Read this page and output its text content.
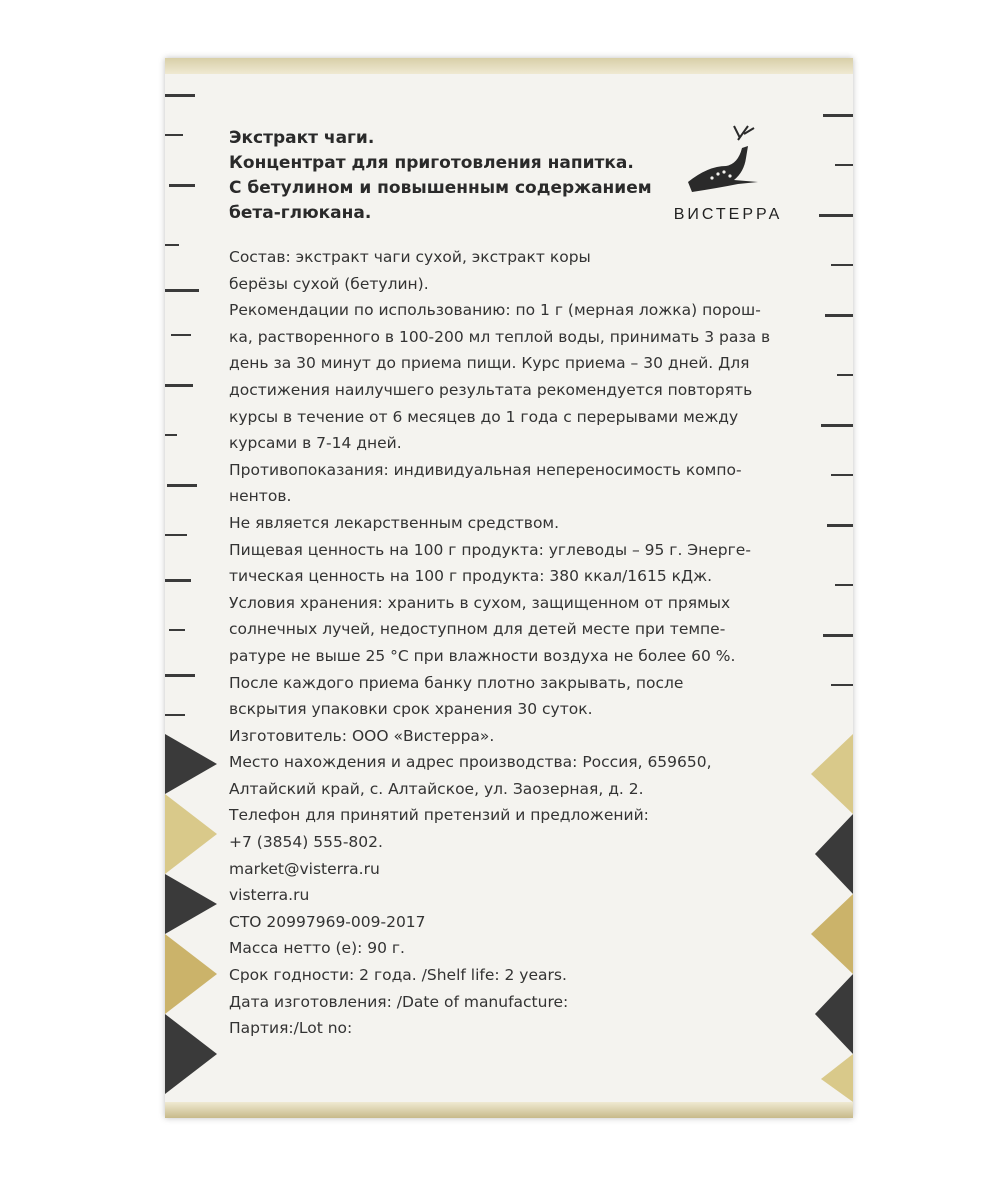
ВИСТЕРРА
Экстракт чаги.
Концентрат для приготовления напитка.
С бетулином и повышенным содержанием
бета-глюкана.
Состав: экстракт чаги сухой, экстракт коры
берёзы сухой (бетулин).
Рекомендации по использованию: по 1 г (мерная ложка) порош-
ка, растворенного в 100-200 мл теплой воды, принимать 3 раза в
день за 30 минут до приема пищи. Курс приема – 30 дней. Для
достижения наилучшего результата рекомендуется повторять
курсы в течение от 6 месяцев до 1 года с перерывами между
курсами в 7-14 дней.
Противопоказания: индивидуальная непереносимость компо-
нентов.
Не является лекарственным средством.
Пищевая ценность на 100 г продукта: углеводы – 95 г. Энерге-
тическая ценность на 100 г продукта: 380 ккал/1615 кДж.
Условия хранения: хранить в сухом, защищенном от прямых
солнечных лучей, недоступном для детей месте при темпе-
ратуре не выше 25 °С при влажности воздуха не более 60 %.
После каждого приема банку плотно закрывать, после
вскрытия упаковки срок хранения 30 суток.
Изготовитель: ООО «Вистерра».
Место нахождения и адрес производства: Россия, 659650,
Алтайский край, с. Алтайское, ул. Заозерная, д. 2.
Телефон для принятий претензий и предложений:
+7 (3854) 555-802.
market@visterra.ru
visterra.ru
СТО 20997969-009-2017
Масса нетто (е): 90 г.
Срок годности: 2 года. /Shelf life: 2 years.
Дата изготовления: /Date of manufacture:
Партия:/Lot no:
